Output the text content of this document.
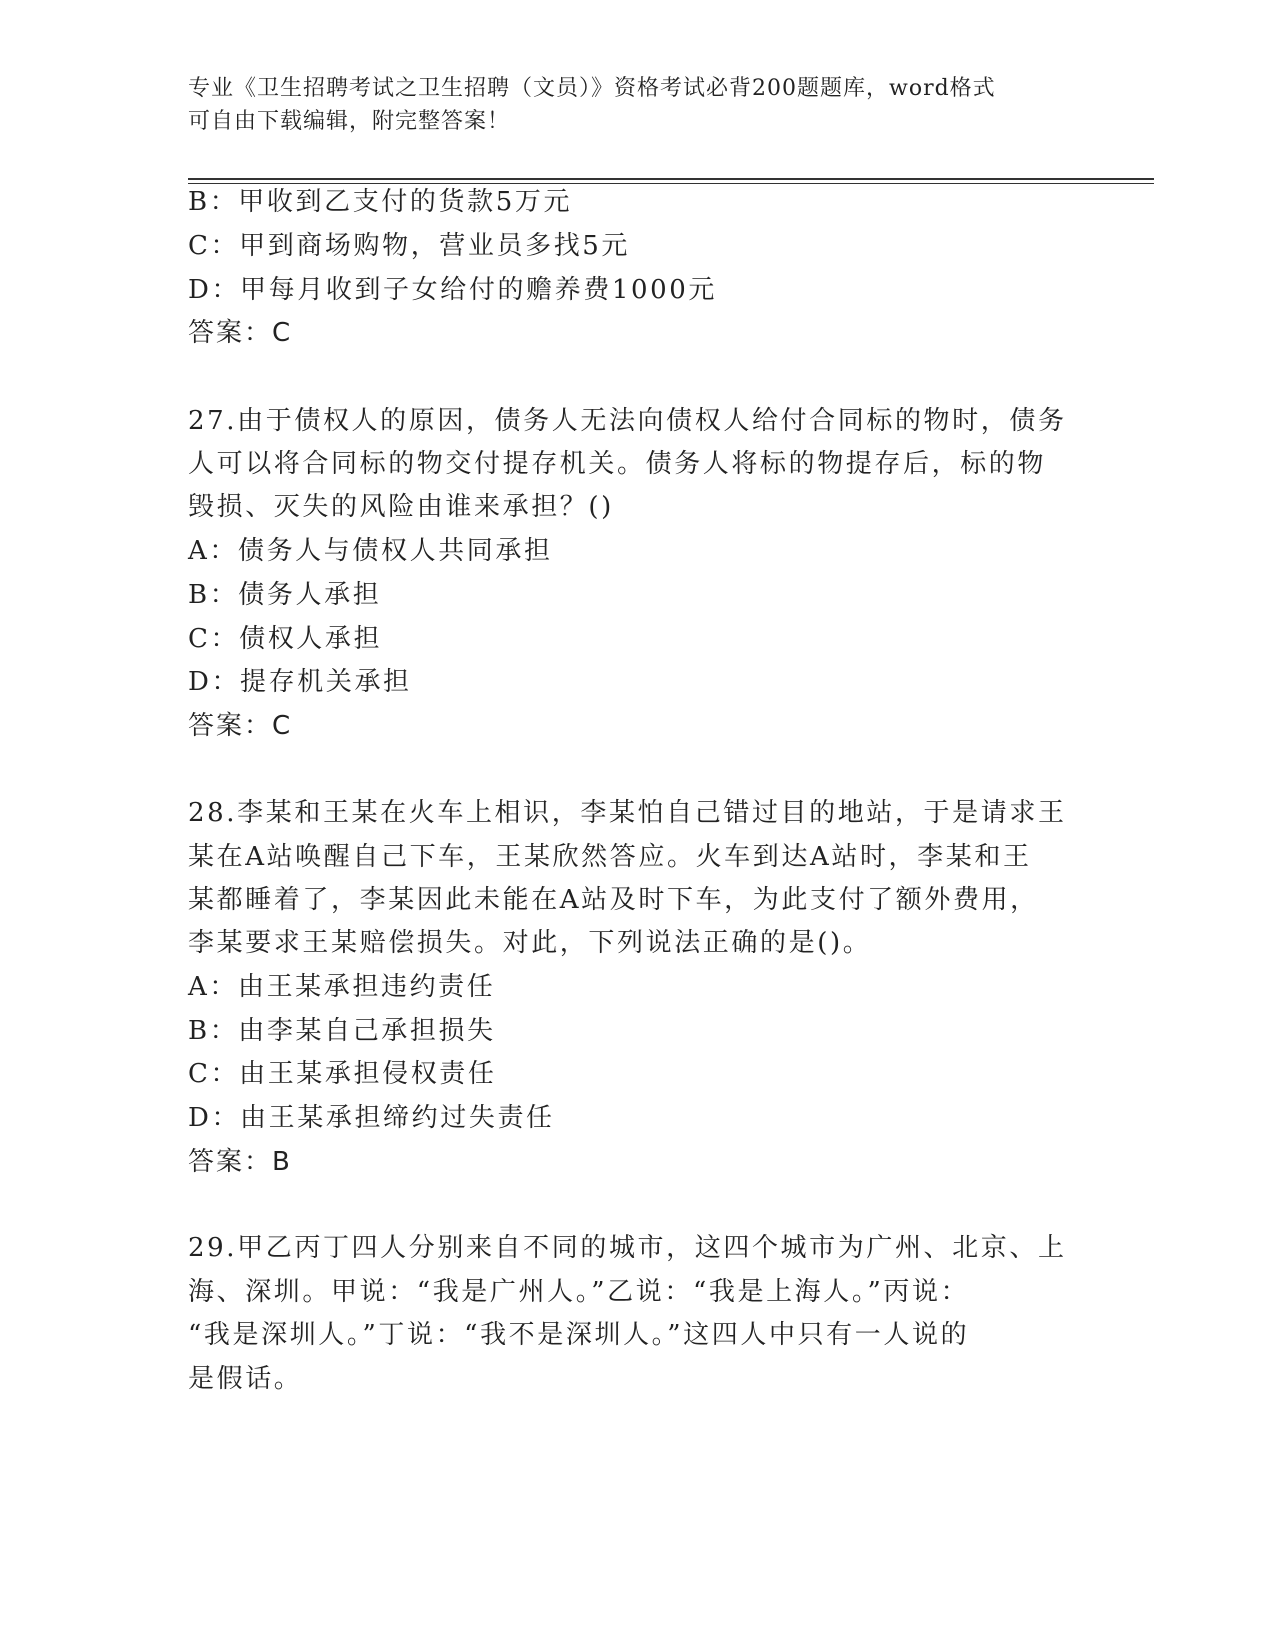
专业《卫生招聘考试之卫生招聘（文员）》资格考试必背200题题库，word格式
可自由下载编辑，附完整答案！
B：甲收到乙支付的货款5万元
C：甲到商场购物，营业员多找5元
D：甲每月收到子女给付的赡养费1000元
答案：C
27.由于债权人的原因，债务人无法向债权人给付合同标的物时，债务
人可以将合同标的物交付提存机关。债务人将标的物提存后，标的物
毁损、灭失的风险由谁来承担？()
A：债务人与债权人共同承担
B：债务人承担
C：债权人承担
D：提存机关承担
答案：C
28.李某和王某在火车上相识，李某怕自己错过目的地站，于是请求王
某在A站唤醒自己下车，王某欣然答应。火车到达A站时，李某和王
某都睡着了，李某因此未能在A站及时下车，为此支付了额外费用，
李某要求王某赔偿损失。对此，下列说法正确的是()。
A：由王某承担违约责任
B：由李某自己承担损失
C：由王某承担侵权责任
D：由王某承担缔约过失责任
答案：B
29.甲乙丙丁四人分别来自不同的城市，这四个城市为广州、北京、上
海、深圳。甲说：“我是广州人。”乙说：“我是上海人。”丙说：
“我是深圳人。”丁说：“我不是深圳人。”这四人中只有一人说的
是假话。
